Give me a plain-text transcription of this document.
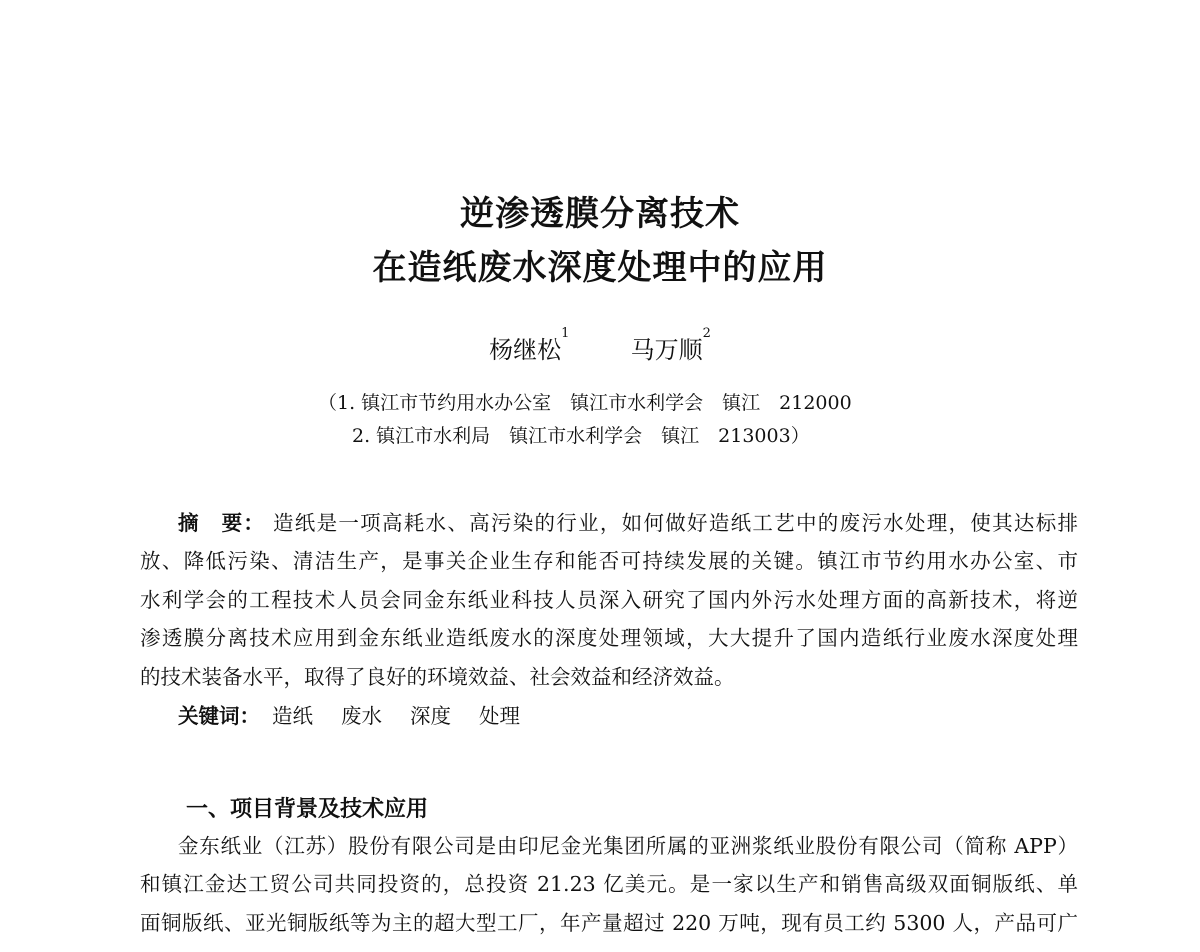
逆渗透膜分离技术
在造纸废水深度处理中的应用
杨继松$^1$  马万顺$^2$
（1. 镇江市节约用水办公室　镇江市水利学会　镇江　212000
2. 镇江市水利局　镇江市水利学会　镇江　213003）
摘　要： 造纸是一项高耗水、高污染的行业，如何做好造纸工艺中的废污水处理，使其达标排
放、降低污染、清洁生产，是事关企业生存和能否可持续发展的关键。镇江市节约用水办公室、市
水利学会的工程技术人员会同金东纸业科技人员深入研究了国内外污水处理方面的高新技术，将逆
渗透膜分离技术应用到金东纸业造纸废水的深度处理领域，大大提升了国内造纸行业废水深度处理
的技术装备水平，取得了良好的环境效益、社会效益和经济效益。
关键词： 造纸 废水 深度 处理
一、项目背景及技术应用
金东纸业（江苏）股份有限公司是由印尼金光集团所属的亚洲浆纸业股份有限公司（简称 APP）
和镇江金达工贸公司共同投资的，总投资 21.23 亿美元。是一家以生产和销售高级双面铜版纸、单
面铜版纸、亚光铜版纸等为主的超大型工厂，年产量超过 220 万吨，现有员工约 5300 人，产品可广
